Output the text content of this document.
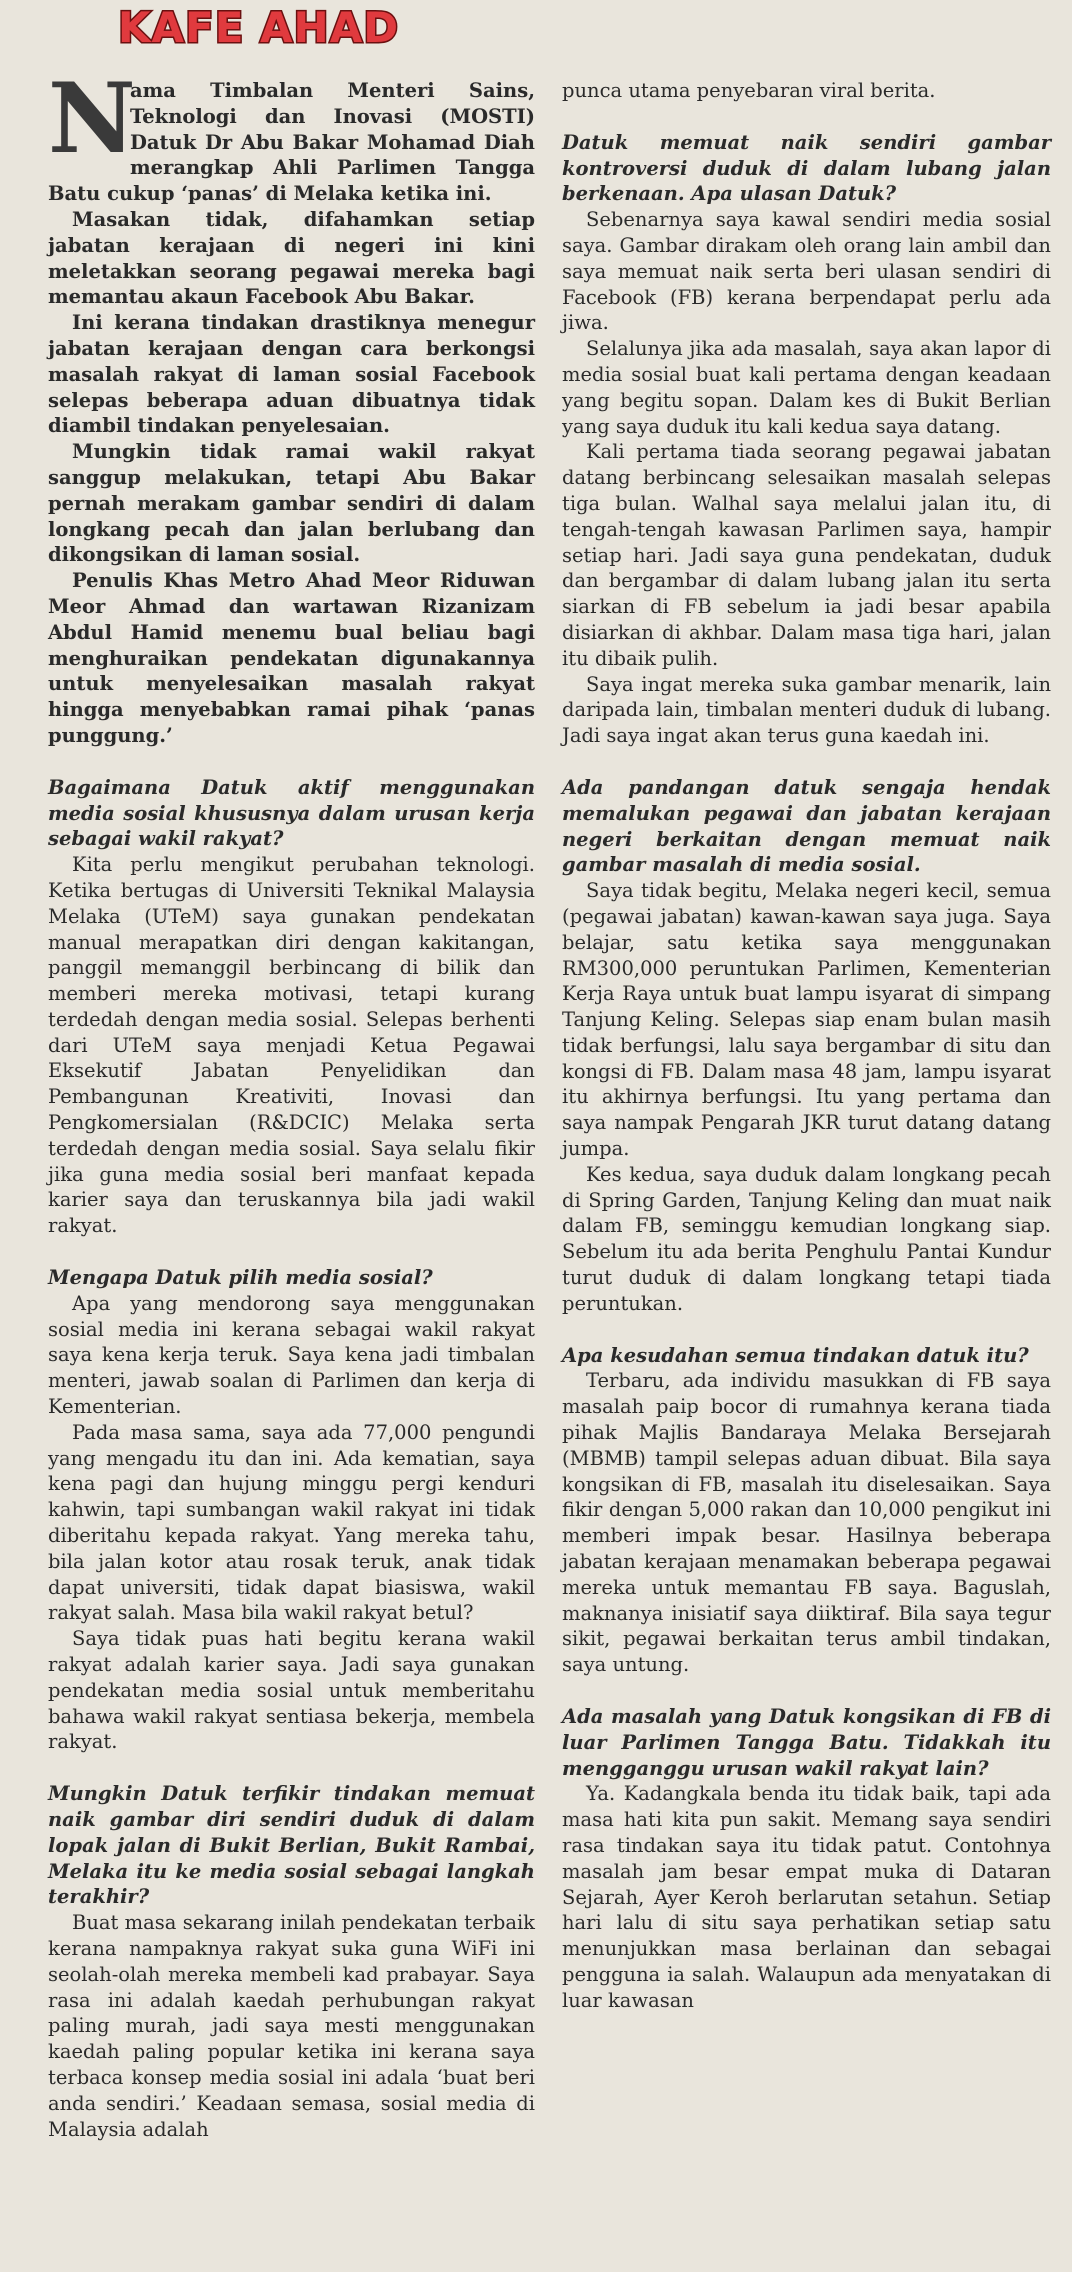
KAFE AHAD
N

ama Timbalan Menteri Sains, Teknologi dan Inovasi (MOSTI) Datuk Dr Abu Bakar Mohamad Diah merangkap Ahli Parlimen Tangga Batu cukup ‘panas’ di Melaka ketika ini.

Masakan tidak, difahamkan setiap jabatan kerajaan di negeri ini kini meletakkan seorang pegawai mereka bagi memantau akaun Facebook Abu Bakar.

Ini kerana tindakan drastiknya menegur jabatan kerajaan dengan cara berkongsi masalah rakyat di laman sosial Facebook selepas beberapa aduan dibuatnya tidak diambil tindakan penyelesaian.

Mungkin tidak ramai wakil rakyat sanggup melakukan, tetapi Abu Bakar pernah merakam gambar sendiri di dalam longkang pecah dan jalan berlubang dan dikongsikan di laman sosial.

Penulis Khas Metro Ahad Meor Riduwan Meor Ahmad dan wartawan Rizanizam Abdul Hamid menemu bual beliau bagi menghuraikan pendekatan digunakannya untuk menyelesaikan masalah rakyat hingga menyebabkan ramai pihak ‘panas punggung.’

Bagaimana Datuk aktif menggunakan media sosial khususnya dalam urusan kerja sebagai wakil rakyat?

Kita perlu mengikut perubahan teknologi. Ketika bertugas di Universiti Teknikal Malaysia Melaka (UTeM) saya gunakan pendekatan manual merapatkan diri dengan kakitangan, panggil memanggil berbincang di bilik dan memberi mereka motivasi, tetapi kurang terdedah dengan media sosial. Selepas berhenti dari UTeM saya menjadi Ketua Pegawai Eksekutif Jabatan Penyelidikan dan Pembangunan Kreativiti, Inovasi dan Pengkomersialan (R&DCIC) Melaka serta terdedah dengan media sosial. Saya selalu fikir jika guna media sosial beri manfaat kepada karier saya dan teruskannya bila jadi wakil rakyat.

Mengapa Datuk pilih media sosial?

Apa yang mendorong saya menggunakan sosial media ini kerana sebagai wakil rakyat saya kena kerja teruk. Saya kena jadi timbalan menteri, jawab soalan di Parlimen dan kerja di Kementerian.

Pada masa sama, saya ada 77,000 pengundi yang mengadu itu dan ini. Ada kematian, saya kena pagi dan hujung minggu pergi kenduri kahwin, tapi sumbangan wakil rakyat ini tidak diberitahu kepada rakyat. Yang mereka tahu, bila jalan kotor atau rosak teruk, anak tidak dapat universiti, tidak dapat biasiswa, wakil rakyat salah. Masa bila wakil rakyat betul?

Saya tidak puas hati begitu kerana wakil rakyat adalah karier saya. Jadi saya gunakan pendekatan media sosial untuk memberitahu bahawa wakil rakyat sentiasa bekerja, membela rakyat.

Mungkin Datuk terfikir tindakan memuat naik gambar diri sendiri duduk di dalam lopak jalan di Bukit Berlian, Bukit Rambai, Melaka itu ke media sosial sebagai langkah terakhir?

Buat masa sekarang inilah pendekatan terbaik kerana nampaknya rakyat suka guna WiFi ini seolah-olah mereka membeli kad prabayar. Saya rasa ini adalah kaedah perhubungan rakyat paling murah, jadi saya mesti menggunakan kaedah paling popular ketika ini kerana saya terbaca konsep media sosial ini adala ‘buat beri anda sendiri.’ Keadaan semasa, sosial media di Malaysia adalah

punca utama penyebaran viral berita.

Datuk memuat naik sendiri gambar kontroversi duduk di dalam lubang jalan berkenaan. Apa ulasan Datuk?

Sebenarnya saya kawal sendiri media sosial saya. Gambar dirakam oleh orang lain ambil dan saya memuat naik serta beri ulasan sendiri di Facebook (FB) kerana berpendapat perlu ada jiwa.

Selalunya jika ada masalah, saya akan lapor di media sosial buat kali pertama dengan keadaan yang begitu sopan. Dalam kes di Bukit Berlian yang saya duduk itu kali kedua saya datang.

Kali pertama tiada seorang pegawai jabatan datang berbincang selesaikan masalah selepas tiga bulan. Walhal saya melalui jalan itu, di tengah-tengah kawasan Parlimen saya, hampir setiap hari. Jadi saya guna pendekatan, duduk dan bergambar di dalam lubang jalan itu serta siarkan di FB sebelum ia jadi besar apabila disiarkan di akhbar. Dalam masa tiga hari, jalan itu dibaik pulih.

Saya ingat mereka suka gambar menarik, lain daripada lain, timbalan menteri duduk di lubang. Jadi saya ingat akan terus guna kaedah ini.

Ada pandangan datuk sengaja hendak memalukan pegawai dan jabatan kerajaan negeri berkaitan dengan memuat naik gambar masalah di media sosial.

Saya tidak begitu, Melaka negeri kecil, semua (pegawai jabatan) kawan-kawan saya juga. Saya belajar, satu ketika saya menggunakan RM300,000 peruntukan Parlimen, Kementerian Kerja Raya untuk buat lampu isyarat di simpang Tanjung Keling. Selepas siap enam bulan masih tidak berfungsi, lalu saya bergambar di situ dan kongsi di FB. Dalam masa 48 jam, lampu isyarat itu akhirnya berfungsi. Itu yang pertama dan saya nampak Pengarah JKR turut datang datang jumpa.

Kes kedua, saya duduk dalam longkang pecah di Spring Garden, Tanjung Keling dan muat naik dalam FB, seminggu kemudian longkang siap. Sebelum itu ada berita Penghulu Pantai Kundur turut duduk di dalam longkang tetapi tiada peruntukan.

Apa kesudahan semua tindakan datuk itu?

Terbaru, ada individu masukkan di FB saya masalah paip bocor di rumahnya kerana tiada pihak Majlis Bandaraya Melaka Bersejarah (MBMB) tampil selepas aduan dibuat. Bila saya kongsikan di FB, masalah itu diselesaikan. Saya fikir dengan 5,000 rakan dan 10,000 pengikut ini memberi impak besar. Hasilnya beberapa jabatan kerajaan menamakan beberapa pegawai mereka untuk memantau FB saya. Baguslah, maknanya inisiatif saya diiktiraf. Bila saya tegur sikit, pegawai berkaitan terus ambil tindakan, saya untung.

Ada masalah yang Datuk kongsikan di FB di luar Parlimen Tangga Batu. Tidakkah itu mengganggu urusan wakil rakyat lain?

Ya. Kadangkala benda itu tidak baik, tapi ada masa hati kita pun sakit. Memang saya sendiri rasa tindakan saya itu tidak patut. Contohnya masalah jam besar empat muka di Dataran Sejarah, Ayer Keroh berlarutan setahun. Setiap hari lalu di situ saya perhatikan setiap satu menunjukkan masa berlainan dan sebagai pengguna ia salah. Walaupun ada menyatakan di luar kawasan
